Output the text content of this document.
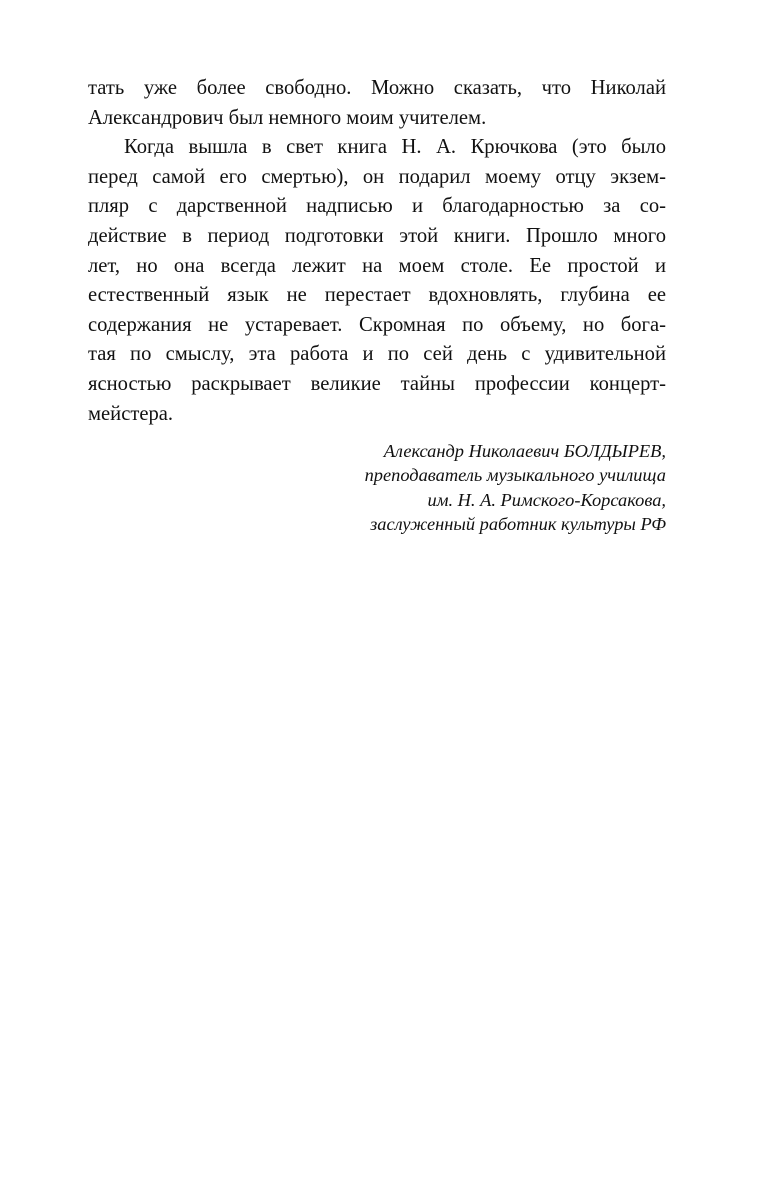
тать уже более свободно. Можно сказать, что Николай
Александрович был немного моим учителем.
Когда вышла в свет книга Н. А. Крючкова (это было
перед самой его смертью), он подарил моему отцу экзем-
пляр с дарственной надписью и благодарностью за со-
действие в период подготовки этой книги. Прошло много
лет, но она всегда лежит на моем столе. Ее простой и
естественный язык не перестает вдохновлять, глубина ее
содержания не устаревает. Скромная по объему, но бога-
тая по смыслу, эта работа и по сей день с удивительной
ясностью раскрывает великие тайны профессии концерт-
мейстера.
Александр Николаевич БОЛДЫРЕВ,
преподаватель музыкального училища
им. Н. А. Римского-Корсакова,
заслуженный работник культуры РФ
